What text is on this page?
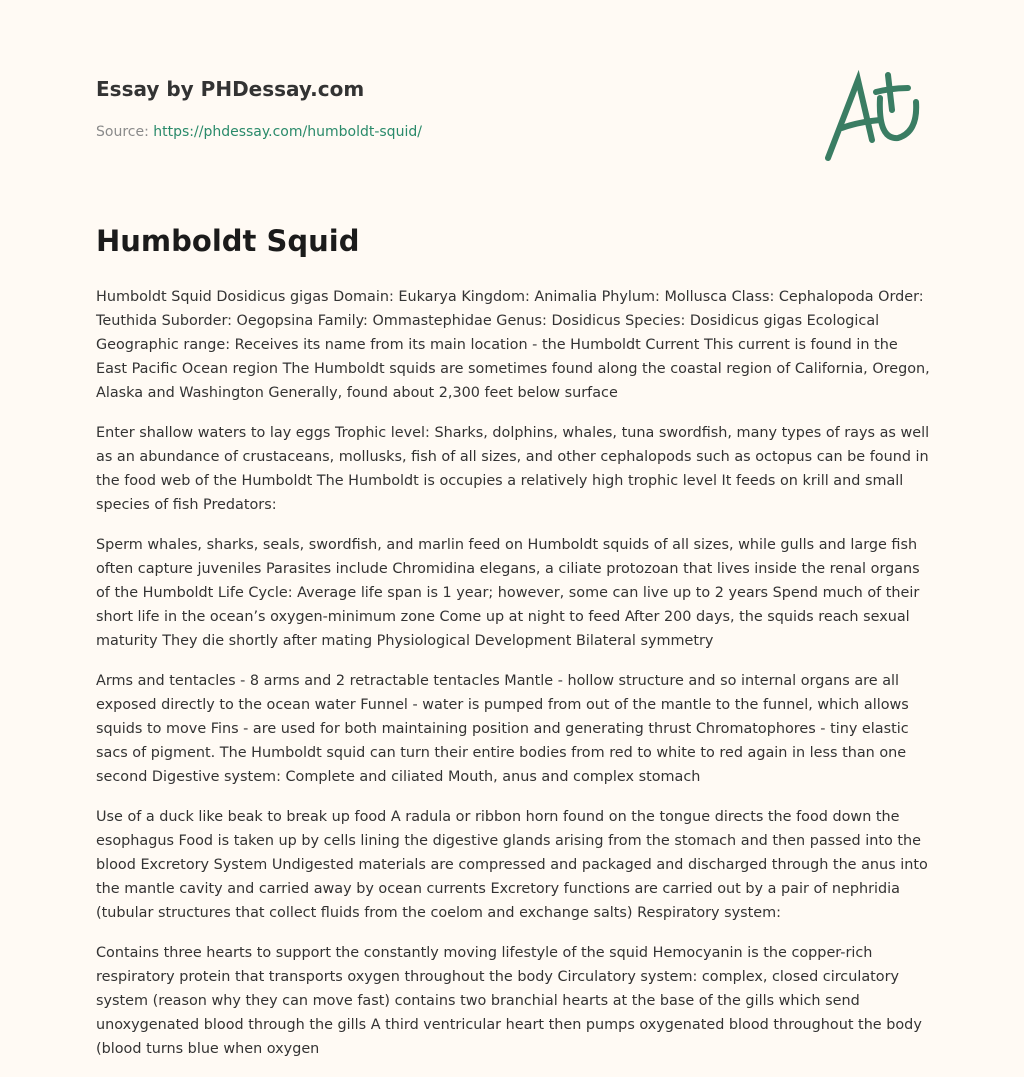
Essay by PHDessay.com
Source: https://phdessay.com/humboldt-squid/
Humboldt Squid

Humboldt Squid Dosidicus gigas Domain: Eukarya Kingdom: Animalia Phylum: Mollusca Class: Cephalopoda Order: Teuthida Suborder: Oegopsina Family: Ommastephidae Genus: Dosidicus Species: Dosidicus gigas Ecological Geographic range: Receives its name from its main location - the Humboldt Current This current is found in the East Pacific Ocean region The Humboldt squids are sometimes found along the coastal region of California, Oregon, Alaska and Washington Generally, found about 2,300 feet below surface

Enter shallow waters to lay eggs Trophic level: Sharks, dolphins, whales, tuna swordfish, many types of rays as well as an abundance of crustaceans, mollusks, fish of all sizes, and other cephalopods such as octopus can be found in the food web of the Humboldt The Humboldt is occupies a relatively high trophic level It feeds on krill and small species of fish Predators:

Sperm whales, sharks, seals, swordfish, and marlin feed on Humboldt squids of all sizes, while gulls and large fish often capture juveniles Parasites include Chromidina elegans, a ciliate protozoan that lives inside the renal organs of the Humboldt Life Cycle: Average life span is 1 year; however, some can live up to 2 years Spend much of their short life in the ocean’s oxygen-minimum zone Come up at night to feed After 200 days, the squids reach sexual maturity They die shortly after mating Physiological Development Bilateral symmetry

Arms and tentacles - 8 arms and 2 retractable tentacles Mantle - hollow structure and so internal organs are all exposed directly to the ocean water Funnel - water is pumped from out of the mantle to the funnel, which allows squids to move Fins - are used for both maintaining position and generating thrust Chromatophores - tiny elastic sacs of pigment. The Humboldt squid can turn their entire bodies from red to white to red again in less than one second Digestive system: Complete and ciliated Mouth, anus and complex stomach

Use of a duck like beak to break up food A radula or ribbon horn found on the tongue directs the food down the esophagus Food is taken up by cells lining the digestive glands arising from the stomach and then passed into the blood Excretory System Undigested materials are compressed and packaged and discharged through the anus into the mantle cavity and carried away by ocean currents Excretory functions are carried out by a pair of nephridia (tubular structures that collect fluids from the coelom and exchange salts) Respiratory system:

Contains three hearts to support the constantly moving lifestyle of the squid Hemocyanin is the copper-rich respiratory protein that transports oxygen throughout the body Circulatory system: complex, closed circulatory system (reason why they can move fast) contains two branchial hearts at the base of the gills which send unoxygenated blood through the gills A third ventricular heart then pumps oxygenated blood throughout the body (blood turns blue when oxygen
